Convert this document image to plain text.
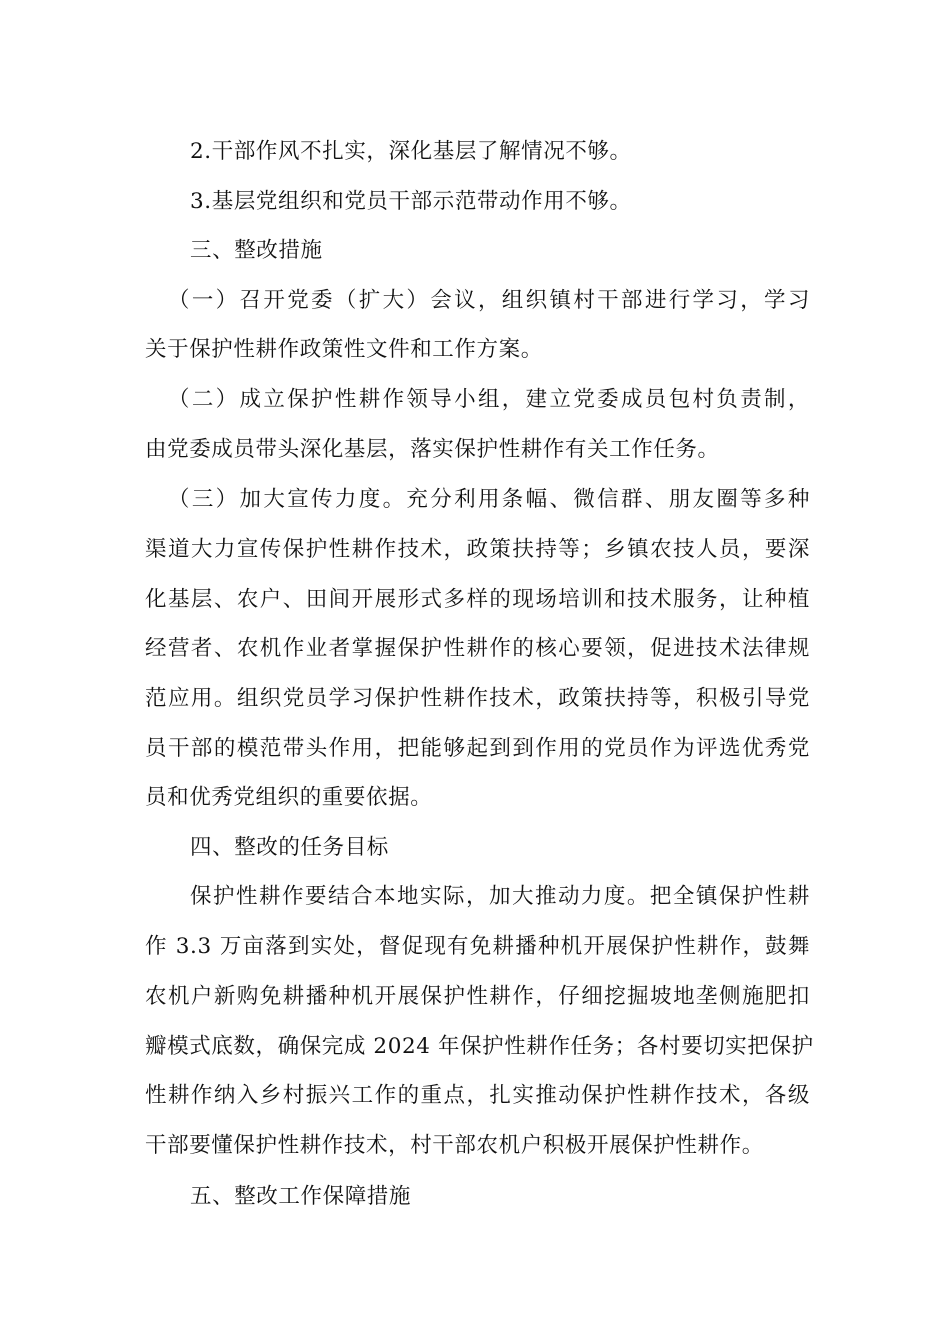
2.干部作风不扎实，深化基层了解情况不够。
3.基层党组织和党员干部示范带动作用不够。
三、整改措施
（一）召开党委（扩大）会议，组织镇村干部进行学习，学习
关于保护性耕作政策性文件和工作方案。
（二）成立保护性耕作领导小组，建立党委成员包村负责制，
由党委成员带头深化基层，落实保护性耕作有关工作任务。
（三）加大宣传力度。充分利用条幅、微信群、朋友圈等多种
渠道大力宣传保护性耕作技术，政策扶持等；乡镇农技人员，要深
化基层、农户、田间开展形式多样的现场培训和技术服务，让种植
经营者、农机作业者掌握保护性耕作的核心要领，促进技术法律规
范应用。组织党员学习保护性耕作技术，政策扶持等，积极引导党
员干部的模范带头作用，把能够起到到作用的党员作为评选优秀党
员和优秀党组织的重要依据。
四、整改的任务目标
保护性耕作要结合本地实际，加大推动力度。把全镇保护性耕
作 3.3 万亩落到实处，督促现有免耕播种机开展保护性耕作，鼓舞
农机户新购免耕播种机开展保护性耕作，仔细挖掘坡地垄侧施肥扣
瓣模式底数，确保完成 2024 年保护性耕作任务；各村要切实把保护
性耕作纳入乡村振兴工作的重点，扎实推动保护性耕作技术，各级
干部要懂保护性耕作技术，村干部农机户积极开展保护性耕作。
五、整改工作保障措施
